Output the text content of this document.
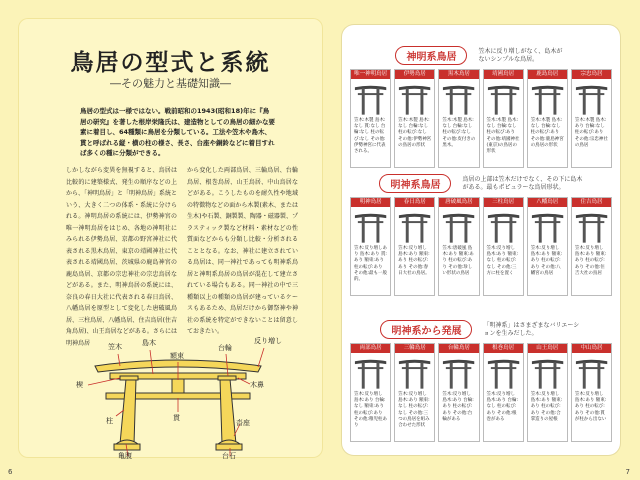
鳥居の型式と系統
―その魅力と基礎知識―
鳥居の型式は一様ではない。戦前昭和の1943(昭和18)年に『鳥居の研究』を著した根岸栄隆氏は、建造物としての鳥居の細かな要素に着目し、64種類に鳥居を分類している。工法や笠木や島木、貫と呼ばれる縦・横の柱の様さ、長さ、台座や銅鈴などに着目すれば多くの種に分類ができる。
しかしながら変異を無視すると、鳥居は比較的に建築様式、発生の順序などの上から、「神明鳥居」と「明神鳥居」系統という、大きく二つの体系・系統に分けられる。神明鳥居の系統には、伊勢神宮の唯一神明鳥居をはじめ、各地の神明社にみられる伊勢鳥居、京都の野宮神社に代表される黒木鳥居、東京の靖國神社に代表される靖國鳥居、茨城県の鹿島神宮の鹿島鳥居、京都の宗忠神社の宗忠鳥居などがある。また、明神鳥居の系統には、奈良の春日大社に代表される春日鳥居、八幡鳥居を原型として変化した唐破風鳥居、三柱鳥居、八幡鳥居、住吉鳥居(住吉角鳥居)、山王鳥居などがある。さらには明神鳥居
から変化した両部鳥居、三輪鳥居、台輪鳥居、根巻鳥居、山王鳥居、中山鳥居などがある。こうしたものを耐久性や地域の特徴物などの面から木製(素木、または生木)や石製、銅製製、陶器・磁器製、プラスティック製など材料・素材などの性質面などからも分類し比較・分析されることとなる。なお、神社に建立されている鳥居は、同一神社であっても明神系鳥居と神明系鳥居の鳥居が混在して建立されている場合もある。同一神社の中で三種類以上の種類の鳥居が建っているケースもあるため、鳥居だけから御祭神や神社の系統を特定ができないことは留意しておきたい。
笠木	島木
額束
台輪
反り増し
楔	木鼻
柱	貫
沓座
亀腹	台石
6
神明系鳥居 笠木に反り増しがなく、島木がないシンプルな鳥居。
唯一神明鳥居
笠木:木製 島木:なし 貫:なし 台輪:なし 柱の転び:なし その他:伊勢神宮に代表される。
伊勢鳥居
笠木:木製 島木:なし 台輪:なし 柱の転び:なし その他:伊勢神宮の鳥居の形状
黒木鳥居
笠木:木製 島木:なし 台輪:なし 柱の転び:なし その他:皮付きの黒木。
靖國鳥居
笠木:木製 島木:なし 台輪:なし 柱の転び:あり その他:靖國神社(東京)の鳥居の形状
鹿島鳥居
笠木:木製 島木:なし 台輪:なし 柱の転び:あり その他:鹿島神宮の鳥居の形状
宗忠鳥居
笠木:木製 島木:あり 台輪:なし 柱の転び:あり その他:宗忠神社の鳥居
明神系鳥居 鳥居の上部は笠木だけでなく、その下に島木がある。最もポピュラーな鳥居形状。
明神鳥居
笠木:反り増しあり 島木:あり 貫:あり 額束:あり 柱の転び:あり その他:最も一般的。
春日鳥居
笠木:反り増し 島木:あり 額束:あり 柱の転び:あり その他:春日大社の鳥居。
唐破風鳥居
笠木:唐破風 島木:あり 額束:あり 柱の転び:あり その他:珍しい形状の鳥居
三柱鳥居
笠木:反り増し 島木:あり 額束:なし 柱の転び:なし その他:三方に柱を置く
八幡鳥居
笠木:反り増し 島木:あり 額束:あり 柱の転び:あり その他:八幡宮の鳥居
住吉鳥居
笠木:反り増し 島木:あり 額束:あり 柱の転び:あり その他:住吉大社の鳥居
明神系から発展 「明神系」はさまざまなバリエーションを生みだした。
両部鳥居
笠木:反り増し 島木:あり 台輪:なし 額束:あり 柱の転び:あり その他:稚児柱あり
三輪鳥居
笠木:反り増し 島木:あり 額束:なし 柱の転び:なし その他:三つの鳥居を組み合わせた形状
台輪鳥居
笠木:反り増し 島木:あり 台輪:あり 柱の転び:あり その他:台輪がある
根巻鳥居
笠木:反り増し 島木:あり 台輪:なし 柱の転び:あり その他:根巻がある
山王鳥居
笠木:反り増し 島木:あり 額束:あり 柱の転び:あり その他:合掌造りの屋根
中山鳥居
笠木:反り増し 島木:あり 額束:あり 柱の転び:あり その他:貫が柱から出ない
7
